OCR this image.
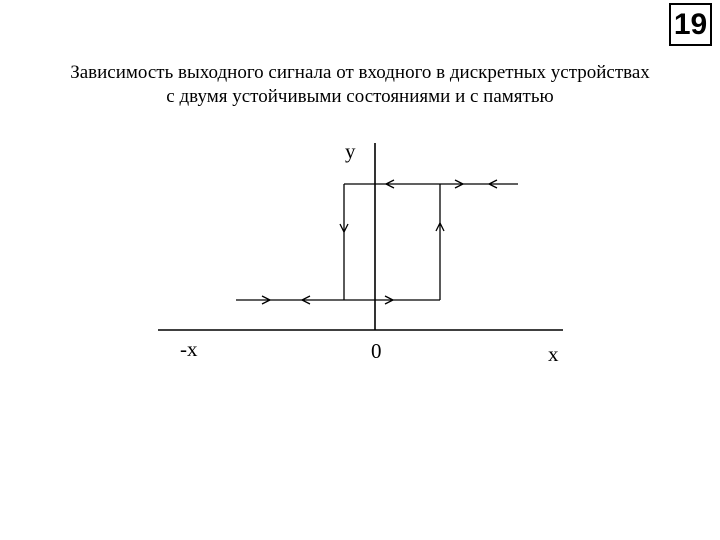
19
Зависимость выходного сигнала от входного в дискретных устройствах
с двумя устойчивыми состояниями и с памятью
y
-x	0	x
